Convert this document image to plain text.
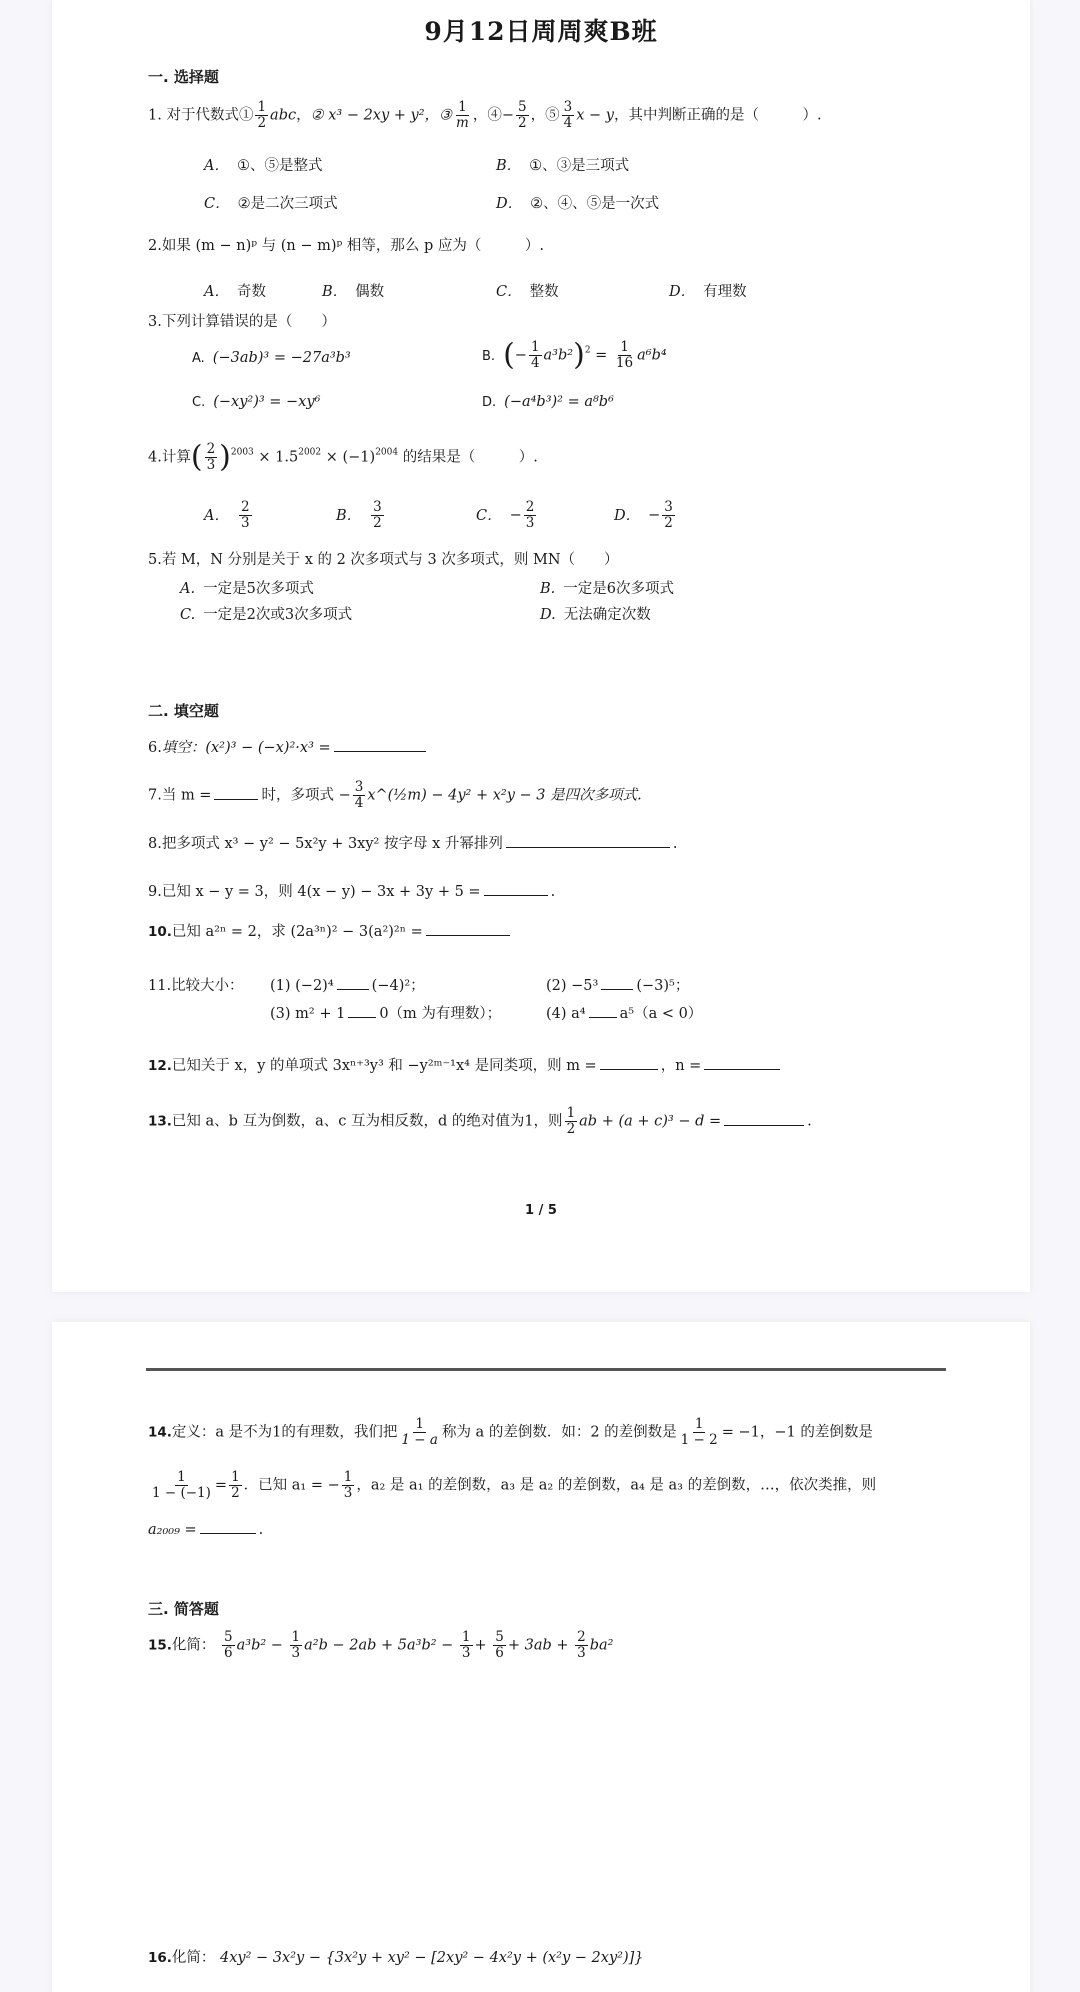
9月12日周周爽B班
一. 选择题
1. 对于代数式① $\frac{1}{2}$ abc，② x³ − 2xy + y²，③ $\frac{1}{m}$ ，④− $\frac{5}{2}$ ，⑤ $\frac{3}{4}$ x − y，其中判断正确的是（　　　）.
A． ①、⑤是整式	B． ①、③是三项式
C． ②是二次三项式	D． ②、④、⑤是一次式
2.如果 (m − n)ᵖ 与 (n − m)ᵖ 相等，那么 p 应为（　　　）.
A． 奇数	B． 偶数	C． 整数	D． 有理数
3.下列计算错误的是（　　）
A. (−3ab)³ = −27a³b³	B. (− $\frac{1}{4} a^3b^2)^2 = \frac{1}{16} a^6b^4$
C. (−xy²)³ = −xy⁶	D. (−a⁴b³)² = a⁸b⁶
4.计算( $\frac{2}{3} )^{2003} \times 1.5^{2002} \times (-1)^{2004}$ 的结果是（　　　）.
A． $\frac{2}{3}$	B． $\frac{3}{2}$	C． − $\frac{2}{3}$	D． − $\frac{3}{2}$
5.若 M，N 分别是关于 x 的 2 次多项式与 3 次多项式，则 MN（　　）
A. 一定是5次多项式	B. 一定是6次多项式
C. 一定是2次或3次多项式	D. 无法确定次数
二. 填空题
6.填空：(x²)³ − (−x)²·x³ =
7.当 m =	时，多项式 − $\frac{3}{4}$ x^(½m) − 4y² + x²y − 3 是四次多项式.
8.把多项式 x³ − y² − 5x²y + 3xy² 按字母 x 升幂排列	.
9.已知 x − y = 3，则 4(x − y) − 3x + 3y + 5 =	.
10.已知 a²ⁿ = 2，求 (2a³ⁿ)² − 3(a²)²ⁿ =
11.比较大小： (1) (−2)⁴	(−4)²；	(2) −5³	(−3)⁵；
(3) m² + 1 0（m 为有理数）；	(4) a⁴ a⁵（a < 0）
12.已知关于 x，y 的单项式 3xⁿ⁺³y³ 和 −y²ᵐ⁻¹x⁴ 是同类项，则 m =	，n =
13.已知 a、b 互为倒数，a、c 互为相反数，d 的绝对值为1，则 $\frac{1}{2}$ ab + (a + c)³ − d =	.
1 / 5
14.定义：a 是不为1的有理数，我们把 $\frac{1}{1 - a}$ 称为 a 的差倒数．如：2 的差倒数是 $\frac{1}{1 - 2} = -1$，−1 的差倒数是
$\frac{1}{1 - (-1)} = \frac{1}{2}$ ．已知 a₁ = − $\frac{1}{3}$ ，a₂ 是 a₁ 的差倒数，a₃ 是 a₂ 的差倒数，a₄ 是 a₃ 的差倒数，…，依次类推，则
a₂₀₀₉ =	.
三. 简答题
15.化简： $\frac{5}{6} a^3b^2 - \frac{1}{3} a^2b - 2ab + 5a^3b^2 - \frac{1}{3} + \frac{5}{6} + 3ab + \frac{2}{3} ba^2$
16.化简： 4xy² − 3x²y − {3x²y + xy² − [2xy² − 4x²y + (x²y − 2xy²)]}
